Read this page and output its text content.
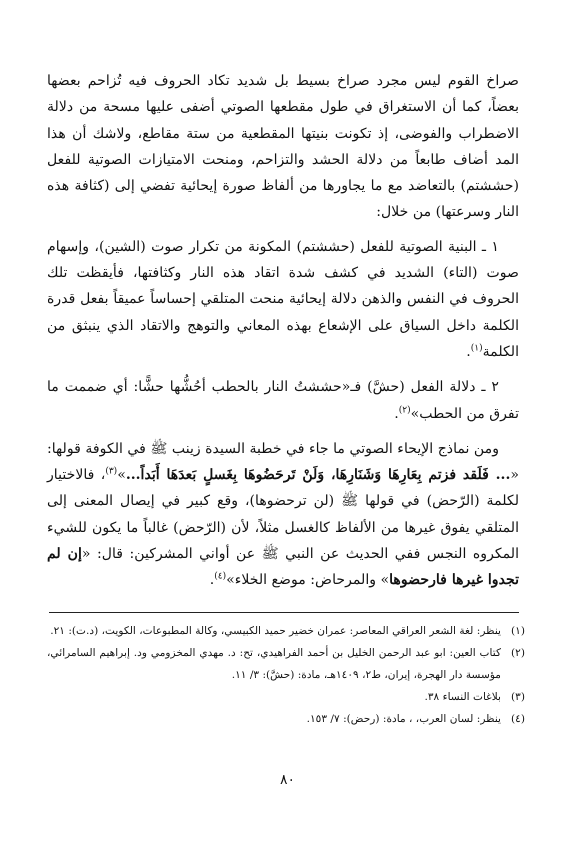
صراخ القوم ليس مجرد صراخ بسيط بل شديد تكاد الحروف فيه تُزاحم بعضها بعضاً، كما أن الاستغراق في طول مقطعها الصوتي أضفى عليها مسحة من دلالة الاضطراب والفوضى، إذ تكونت بنيتها المقطعية من ستة مقاطع، ولاشك أن هذا المد أضاف طابعاً من دلالة الحشد والتزاحم، ومنحت الامتيازات الصوتية للفعل (حششتم) بالتعاضد مع ما يجاورها من ألفاظ صورة إيحائية تفضي إلى (كثافة هذه النار وسرعتها) من خلال:

١ ـ البنية الصوتية للفعل (حششتم) المكونة من تكرار صوت (الشين)، وإسهام صوت (التاء) الشديد في كشف شدة اتقاد هذه النار وكثافتها، فأيقظت تلك الحروف في النفس والذهن دلالة إيحائية منحت المتلقي إحساساً عميقاً بفعل قدرة الكلمة داخل السياق على الإشعاع بهذه المعاني والتوهج والاتقاد الذي ينبثق من الكلمة$^{(١)}$.

٢ ـ دلالة الفعل (حشَّ) فـ«حششتُ النار بالحطب أحُشُّها حشًّا: أي ضممت ما تفرق من الحطب»$^{(٢)}$.

ومن نماذج الإيحاء الصوتي ما جاء في خطبة السيدة زينب ﷺ في الكوفة قولها: «... فَلَقد فزتم بِعَارِهَا وَشَنَارِهَا، وَلَنْ تَرحَضُوهَا بِغَسلٍ بَعدَهَا أَبَداً...»$^{(٣)}$، فالاختيار لكلمة (الرّحض) في قولها ﷺ (لن ترحضوها)، وقع كبير في إيصال المعنى إلى المتلقي يفوق غيرها من الألفاظ كالغسل مثلاً، لأن (الرّحض) غالباً ما يكون للشيء المكروه النجس ففي الحديث عن النبي ﷺ عن أواني المشركين: قال: «إن لم تجدوا غيرها فارحضوها» والمرحاض: موضع الخلاء»$^{(٤)}$.

(١)
ينظر: لغة الشعر العراقي المعاصر: عمران خضير حميد الكبيسي، وكالة المطبوعات، الكويت، (د.ت): ٢١.
(٢)
كتاب العين: ابو عبد الرحمن الخليل بن أحمد الفراهيدي، تح: د. مهدي المخزومي ود. إبراهيم السامرائي، مؤسسة دار الهجرة، إيران، ط٢، ١٤٠٩هـ، مادة: (حشَّ): ٣/ ١١.
(٣)
بلاغات النساء ٣٨.
(٤)
ينظر: لسان العرب، ، مادة: (رحض): ٧/ ١٥٣.
٨٠
